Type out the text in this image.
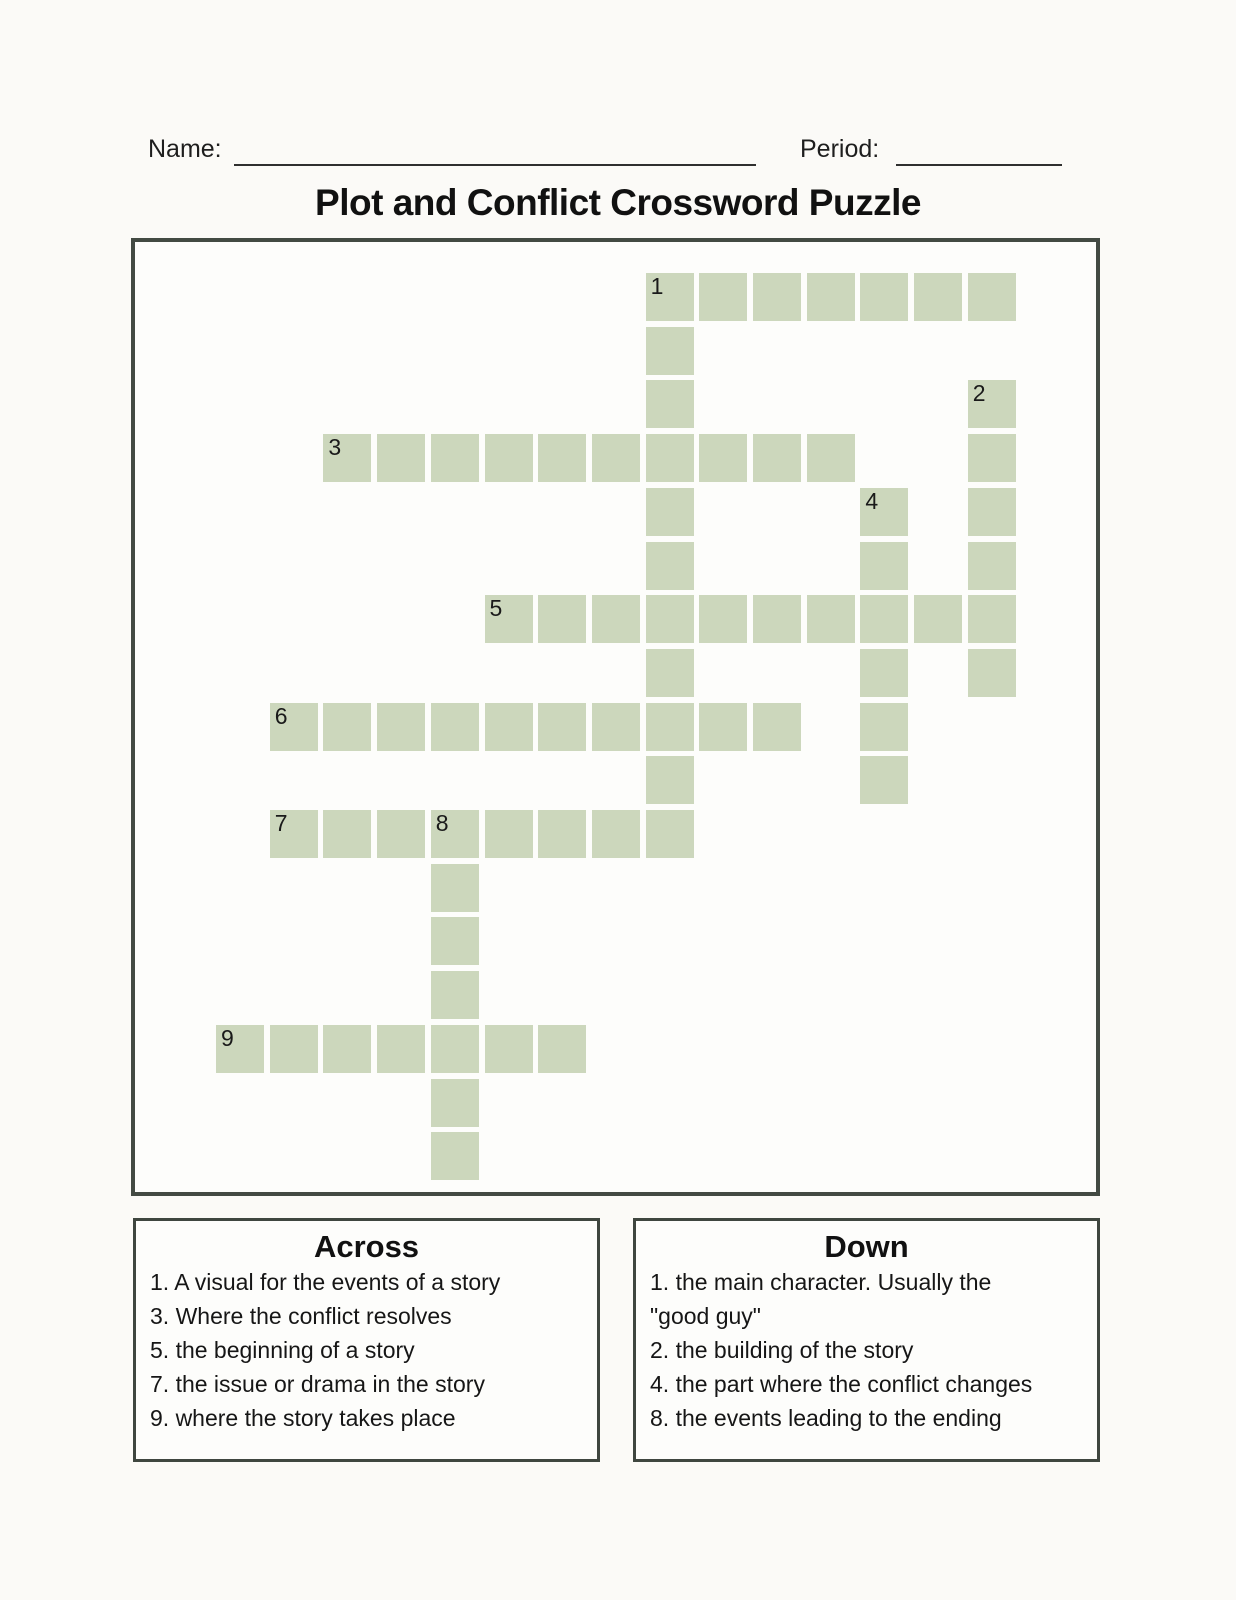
Name:	Period:
Plot and Conflict Crossword Puzzle
1
2
3
4
5
6
7	8
9
Across
1. A visual for the events of a story
3. Where the conflict resolves
5. the beginning of a story
7. the issue or drama in the story
9. where the story takes place
Down
1. the main character. Usually the
"good guy"
2. the building of the story
4. the part where the conflict changes
8. the events leading to the ending
